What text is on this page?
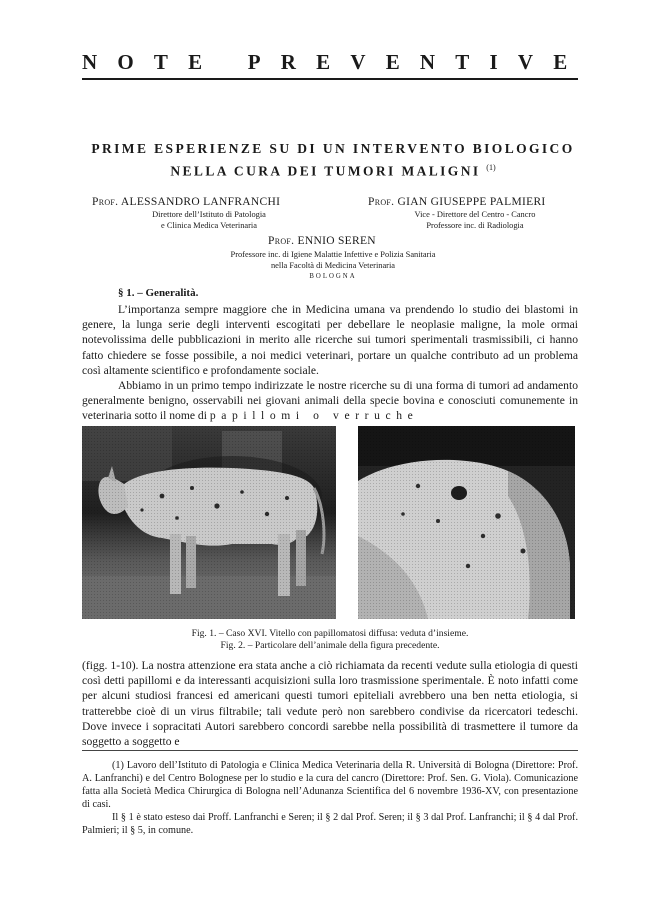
NOTE PREVENTIVE
PRIME ESPERIENZE SU DI UN INTERVENTO BIOLOGICO
NELLA CURA DEI TUMORI MALIGNI $^{(1)}$
Prof. ALESSANDRO LANFRANCHI
Direttore dell’Istituto di Patologia
e Clinica Medica Veterinaria
Prof. GIAN GIUSEPPE PALMIERI
Vice - Direttore del Centro - Cancro
Professore inc. di Radiologia
Prof. ENNIO SEREN
Professore inc. di Igiene Malattie Infettive e Polizia Sanitaria
nella Facoltà di Medicina Veterinaria
BOLOGNA
§ 1. – Generalità.

L’importanza sempre maggiore che in Medicina umana va prendendo lo studio dei blastomi in genere, la lunga serie degli interventi escogitati per debellare le neoplasie maligne, la mole ormai notevolissima delle pubblicazioni in merito alle ricerche sui tumori sperimentali trasmissibili, ci hanno fatto chiedere se fosse possibile, a noi medici veterinari, portare un qualche contributo ad un problema così altamente scientifico e profondamente sociale.

Abbiamo in un primo tempo indirizzate le nostre ricerche su di una forma di tumori ad andamento generalmente benigno, osservabili nei giovani animali della specie bovina e conosciuti comunemente in veterinaria sotto il nome di papillomi o verruche

Fig. 1. – Caso XVI. Vitello con papillomatosi diffusa: veduta d’insieme.
Fig. 2. – Particolare dell’animale della figura precedente.

(figg. 1-10). La nostra attenzione era stata anche a ciò richiamata da recenti vedute sulla etiologia di questi così detti papillomi e da interessanti acquisizioni sulla loro trasmissione sperimentale. È noto infatti come per alcuni studiosi francesi ed americani questi tumori epiteliali avrebbero una ben netta etiologia, si tratterebbe cioè di un virus filtrabile; tali vedute però non sarebbero condivise da ricercatori tedeschi. Dove invece i sopracitati Autori sarebbero concordi sarebbe nella possibilità di trasmettere il tumore da soggetto a soggetto e

(1) Lavoro dell’Istituto di Patologia e Clinica Medica Veterinaria della R. Università di Bologna (Direttore: Prof. A. Lanfranchi) e del Centro Bolognese per lo studio e la cura del cancro (Direttore: Prof. Sen. G. Viola). Comunicazione fatta alla Società Medica Chirurgica di Bologna nell’Adunanza Scientifica del 6 novembre 1936-XV, con presentazione di casi.

Il § 1 è stato esteso dai Proff. Lanfranchi e Seren; il § 2 dal Prof. Seren; il § 3 dal Prof. Lanfranchi; il § 4 dal Prof. Palmieri; il § 5, in comune.
